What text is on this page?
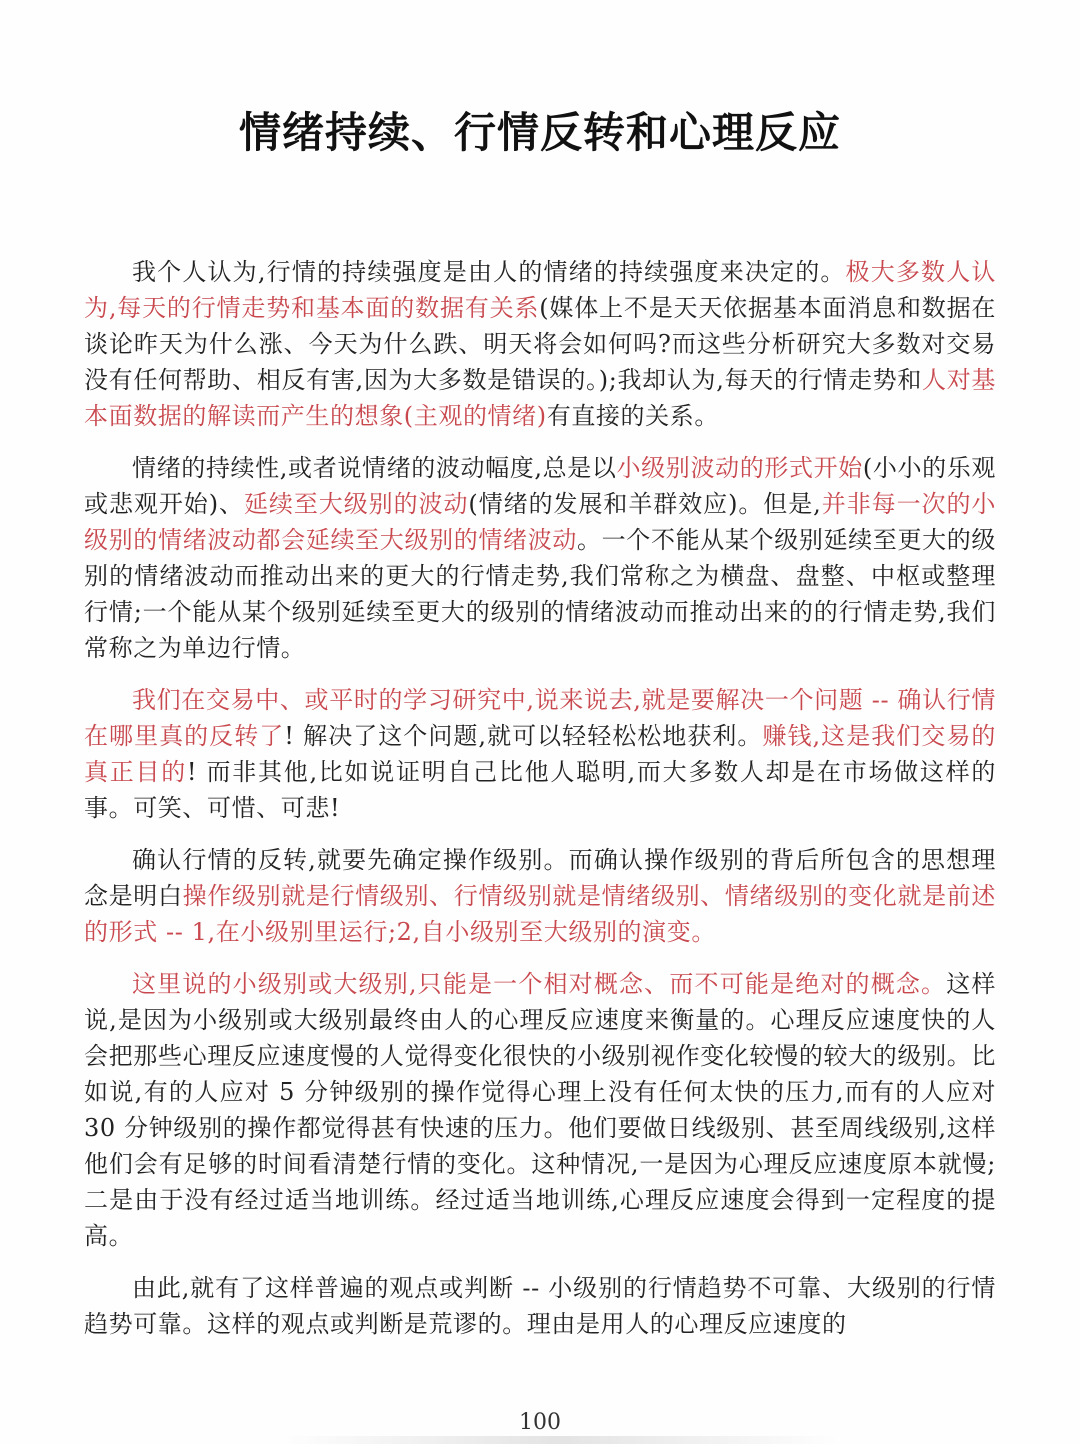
情绪持续、行情反转和心理反应

我个人认为,行情的持续强度是由人的情绪的持续强度来决定的。极大多数人认为,每天的行情走势和基本面的数据有关系(媒体上不是天天依据基本面消息和数据在谈论昨天为什么涨、今天为什么跌、明天将会如何吗?而这些分析研究大多数对交易没有任何帮助、相反有害,因为大多数是错误的。);我却认为,每天的行情走势和人对基本面数据的解读而产生的想象(主观的情绪)有直接的关系。

情绪的持续性,或者说情绪的波动幅度,总是以小级别波动的形式开始(小小的乐观或悲观开始)、延续至大级别的波动(情绪的发展和羊群效应)。但是,并非每一次的小级别的情绪波动都会延续至大级别的情绪波动。一个不能从某个级别延续至更大的级别的情绪波动而推动出来的更大的行情走势,我们常称之为横盘、盘整、中枢或整理行情;一个能从某个级别延续至更大的级别的情绪波动而推动出来的的行情走势,我们常称之为单边行情。

我们在交易中、或平时的学习研究中,说来说去,就是要解决一个问题 -- 确认行情在哪里真的反转了! 解决了这个问题,就可以轻轻松松地获利。赚钱,这是我们交易的真正目的! 而非其他,比如说证明自己比他人聪明,而大多数人却是在市场做这样的事。可笑、可惜、可悲!

确认行情的反转,就要先确定操作级别。而确认操作级别的背后所包含的思想理念是明白操作级别就是行情级别、行情级别就是情绪级别、情绪级别的变化就是前述的形式 -- 1,在小级别里运行;2,自小级别至大级别的演变。

这里说的小级别或大级别,只能是一个相对概念、而不可能是绝对的概念。这样说,是因为小级别或大级别最终由人的心理反应速度来衡量的。心理反应速度快的人会把那些心理反应速度慢的人觉得变化很快的小级别视作变化较慢的较大的级别。比如说,有的人应对 5 分钟级别的操作觉得心理上没有任何太快的压力,而有的人应对 30 分钟级别的操作都觉得甚有快速的压力。他们要做日线级别、甚至周线级别,这样他们会有足够的时间看清楚行情的变化。这种情况,一是因为心理反应速度原本就慢;二是由于没有经过适当地训练。经过适当地训练,心理反应速度会得到一定程度的提高。

由此,就有了这样普遍的观点或判断 -- 小级别的行情趋势不可靠、大级别的行情趋势可靠。这样的观点或判断是荒谬的。理由是用人的心理反应速度的

100
